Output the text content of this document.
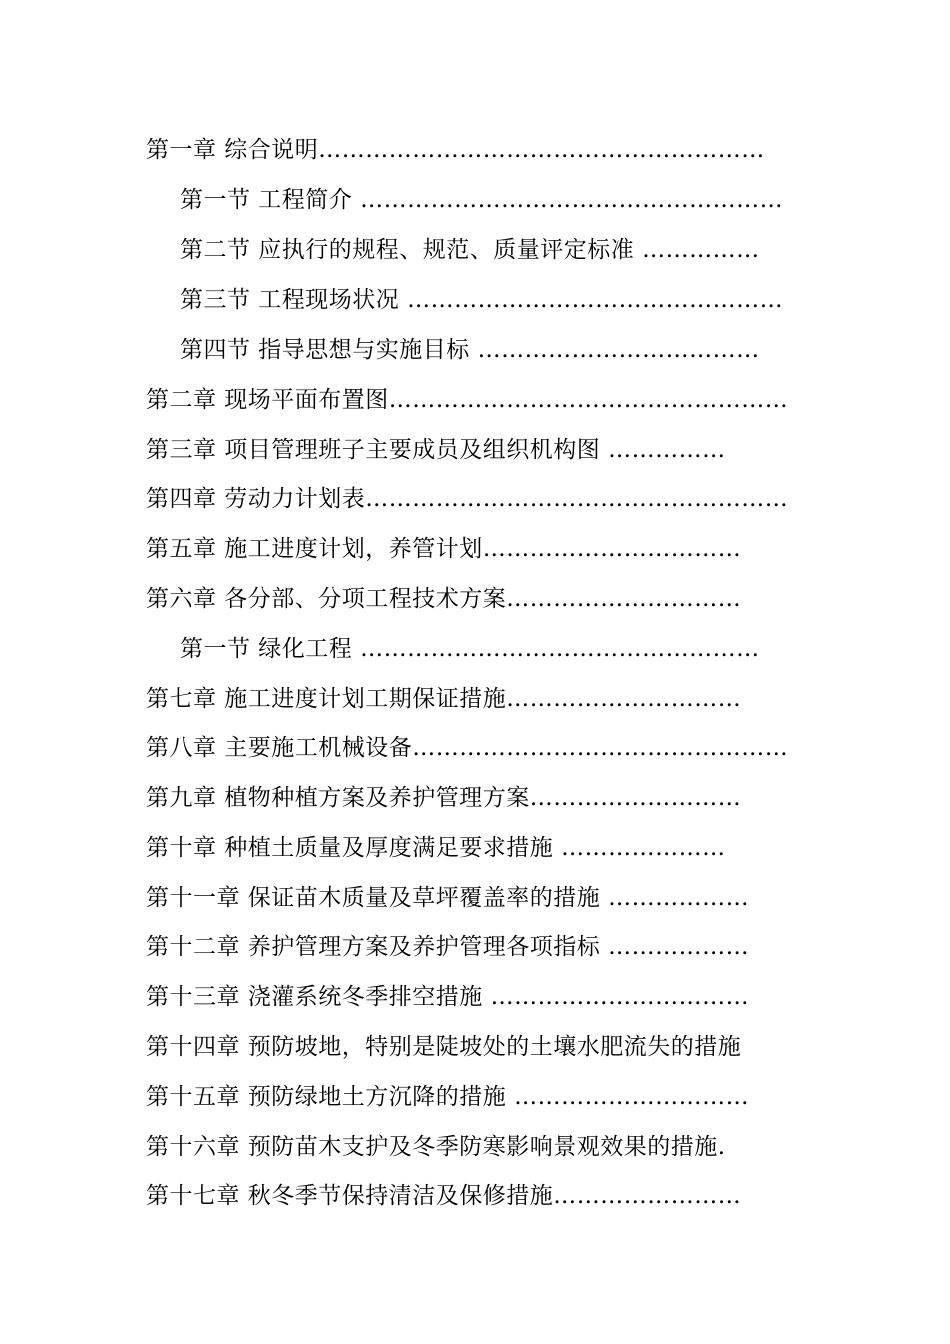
第一章 综合说明…………………………………………………
第一节 工程简介 ………………………………………………
第二节 应执行的规程、规范、质量评定标准 ……………
第三节 工程现场状况 …………………………………………
第四节 指导思想与实施目标 ………………………………
第二章 现场平面布置图……………………………………………
第三章 项目管理班子主要成员及组织机构图 ……………
第四章 劳动力计划表………………………………………………
第五章 施工进度计划，养管计划……………………………
第六章 各分部、分项工程技术方案…………………………
第一节 绿化工程 ……………………………………………
第七章 施工进度计划工期保证措施…………………………
第八章 主要施工机械设备…………………………………………
第九章 植物种植方案及养护管理方案………………………
第十章 种植土质量及厚度满足要求措施 …………………
第十一章 保证苗木质量及草坪覆盖率的措施 ………………
第十二章 养护管理方案及养护管理各项指标 ………………
第十三章 浇灌系统冬季排空措施 ……………………………
第十四章 预防坡地，特别是陡坡处的土壤水肥流失的措施
第十五章 预防绿地土方沉降的措施 …………………………
第十六章 预防苗木支护及冬季防寒影响景观效果的措施.
第十七章 秋冬季节保持清洁及保修措施……………………
